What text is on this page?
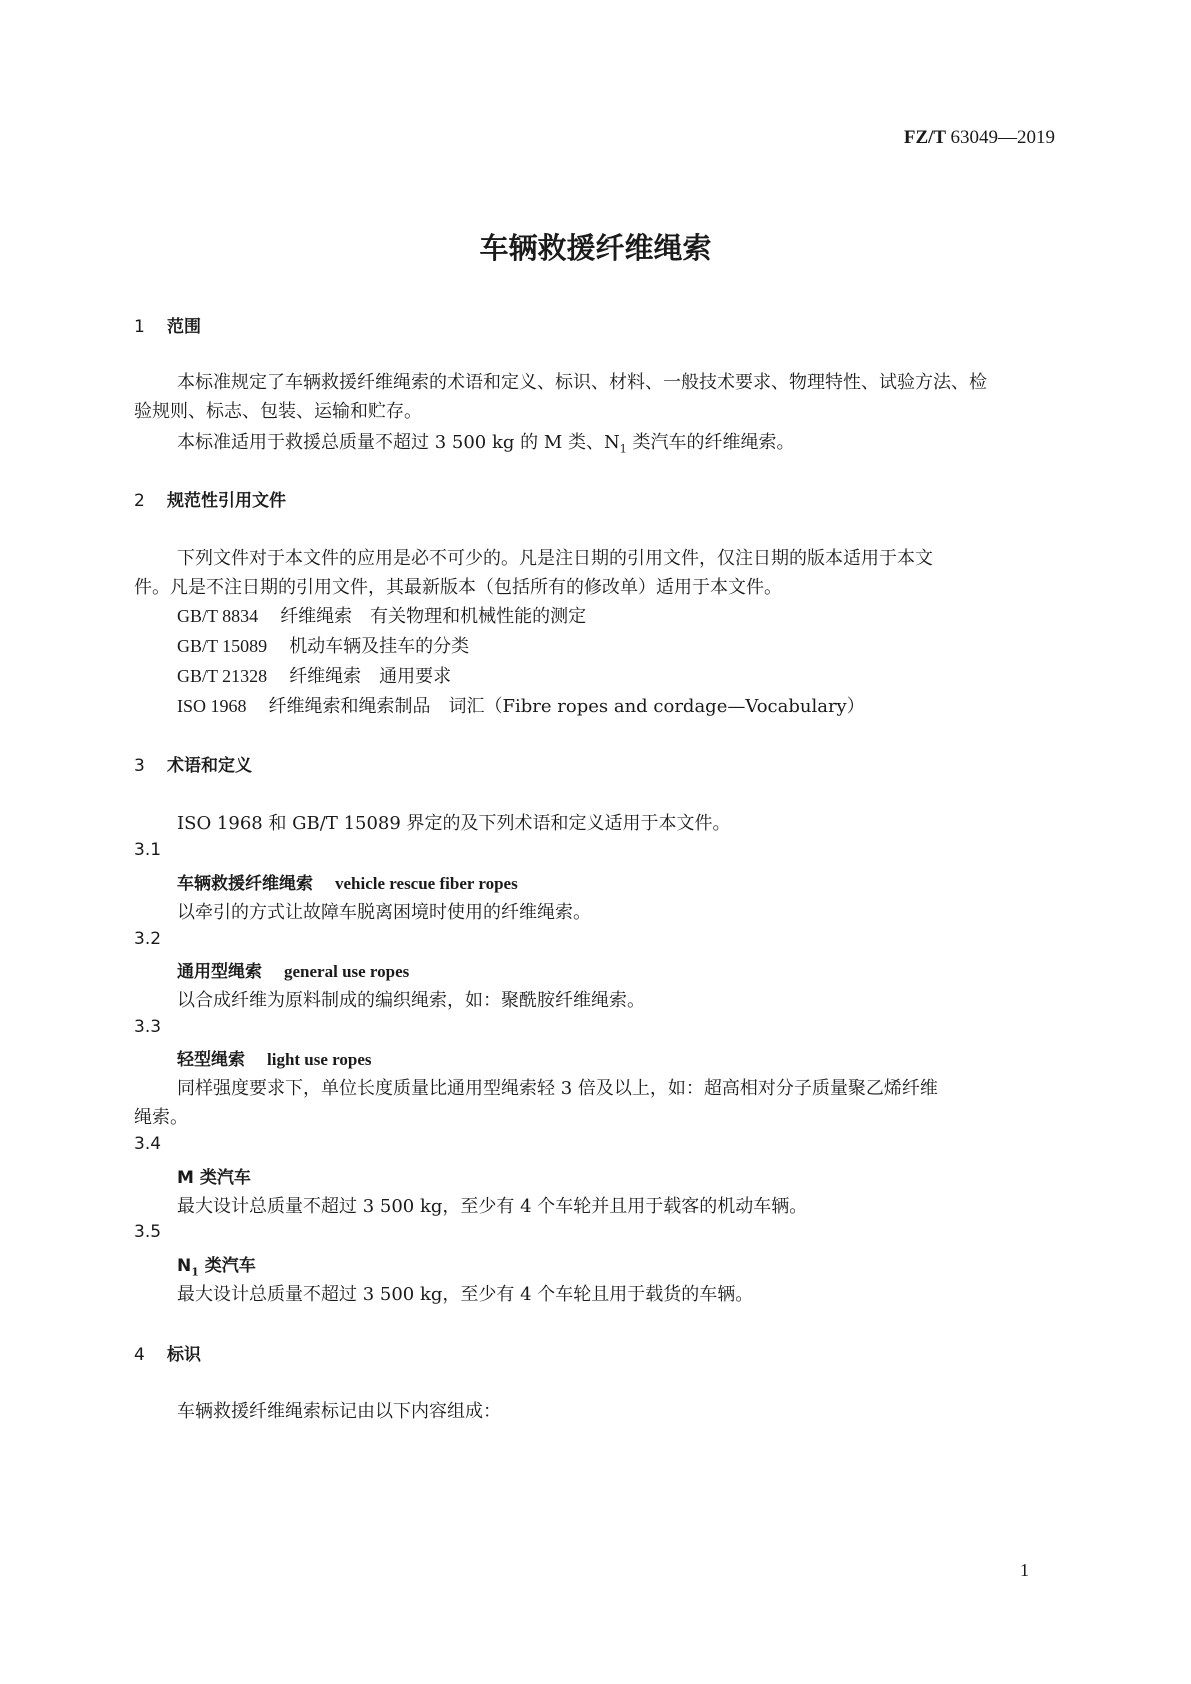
FZ/T 63049—2019
车辆救援纤维绳索
1 范围
本标准规定了车辆救援纤维绳索的术语和定义、标识、材料、一般技术要求、物理特性、试验方法、检
验规则、标志、包装、运输和贮存。
本标准适用于救援总质量不超过 3 500 kg 的 M 类、$N_1$ 类汽车的纤维绳索。
2 规范性引用文件
下列文件对于本文件的应用是必不可少的。凡是注日期的引用文件，仅注日期的版本适用于本文
件。凡是不注日期的引用文件，其最新版本（包括所有的修改单）适用于本文件。
GB/T 8834 纤维绳索　有关物理和机械性能的测定
GB/T 15089 机动车辆及挂车的分类
GB/T 21328 纤维绳索　通用要求
ISO 1968 纤维绳索和绳索制品　词汇（Fibre ropes and cordage—Vocabulary）
3 术语和定义
ISO 1968 和 GB/T 15089 界定的及下列术语和定义适用于本文件。
3.1
车辆救援纤维绳索 vehicle rescue fiber ropes
以牵引的方式让故障车脱离困境时使用的纤维绳索。
3.2
通用型绳索 general use ropes
以合成纤维为原料制成的编织绳索，如：聚酰胺纤维绳索。
3.3
轻型绳索 light use ropes
同样强度要求下，单位长度质量比通用型绳索轻 3 倍及以上，如：超高相对分子质量聚乙烯纤维
绳索。
3.4
M 类汽车
最大设计总质量不超过 3 500 kg，至少有 4 个车轮并且用于载客的机动车辆。
3.5
$N_1$ 类汽车
最大设计总质量不超过 3 500 kg，至少有 4 个车轮且用于载货的车辆。
4 标识
车辆救援纤维绳索标记由以下内容组成：
1
